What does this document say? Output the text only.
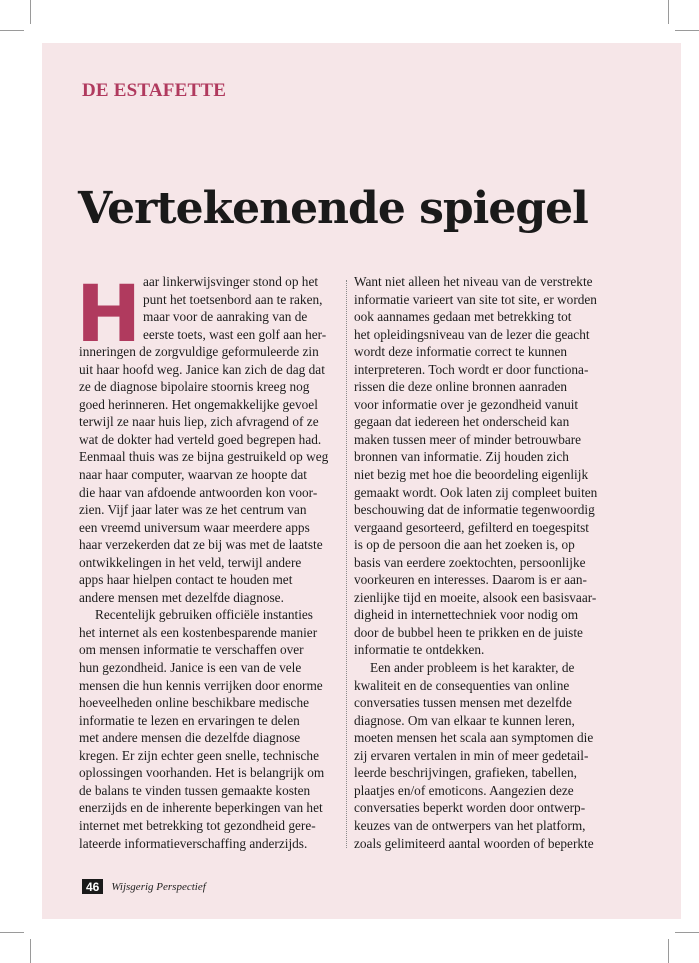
DE ESTAFETTE
Vertekenende spiegel
H aar linkerwijsvinger stond op het
punt het toetsenbord aan te raken,
maar voor de aanraking van de
eerste toets, wast een golf aan her-
inneringen de zorgvuldige geformuleerde zin
uit haar hoofd weg. Janice kan zich de dag dat
ze de diagnose bipolaire stoornis kreeg nog
goed herinneren. Het ongemakkelijke gevoel
terwijl ze naar huis liep, zich afvragend of ze
wat de dokter had verteld goed begrepen had.
Eenmaal thuis was ze bijna gestruikeld op weg
naar haar computer, waarvan ze hoopte dat
die haar van afdoende antwoorden kon voor-
zien. Vijf jaar later was ze het centrum van
een vreemd universum waar meerdere apps
haar verzekerden dat ze bij was met de laatste
ontwikkelingen in het veld, terwijl andere
apps haar hielpen contact te houden met
andere mensen met dezelfde diagnose.
Recentelijk gebruiken officiële instanties
het internet als een kostenbesparende manier
om mensen informatie te verschaffen over
hun gezondheid. Janice is een van de vele
mensen die hun kennis verrijken door enorme
hoeveelheden online beschikbare medische
informatie te lezen en ervaringen te delen
met andere mensen die dezelfde diagnose
kregen. Er zijn echter geen snelle, technische
oplossingen voorhanden. Het is belangrijk om
de balans te vinden tussen gemaakte kosten
enerzijds en de inherente beperkingen van het
internet met betrekking tot gezondheid gere-
lateerde informatieverschaffing anderzijds.
Want niet alleen het niveau van de verstrekte
informatie varieert van site tot site, er worden
ook aannames gedaan met betrekking tot
het opleidingsniveau van de lezer die geacht
wordt deze informatie correct te kunnen
interpreteren. Toch wordt er door functiona-
rissen die deze online bronnen aanraden
voor informatie over je gezondheid vanuit
gegaan dat iedereen het onderscheid kan
maken tussen meer of minder betrouwbare
bronnen van informatie. Zij houden zich
niet bezig met hoe die beoordeling eigenlijk
gemaakt wordt. Ook laten zij compleet buiten
beschouwing dat de informatie tegenwoordig
vergaand gesorteerd, gefilterd en toegespitst
is op de persoon die aan het zoeken is, op
basis van eerdere zoektochten, persoonlijke
voorkeuren en interesses. Daarom is er aan-
zienlijke tijd en moeite, alsook een basisvaar-
digheid in internettechniek voor nodig om
door de bubbel heen te prikken en de juiste
informatie te ontdekken.
Een ander probleem is het karakter, de
kwaliteit en de consequenties van online
conversaties tussen mensen met dezelfde
diagnose. Om van elkaar te kunnen leren,
moeten mensen het scala aan symptomen die
zij ervaren vertalen in min of meer gedetail-
leerde beschrijvingen, grafieken, tabellen,
plaatjes en/of emoticons. Aangezien deze
conversaties beperkt worden door ontwerp-
keuzes van de ontwerpers van het platform,
zoals gelimiteerd aantal woorden of beperkte
46	Wijsgerig Perspectief
